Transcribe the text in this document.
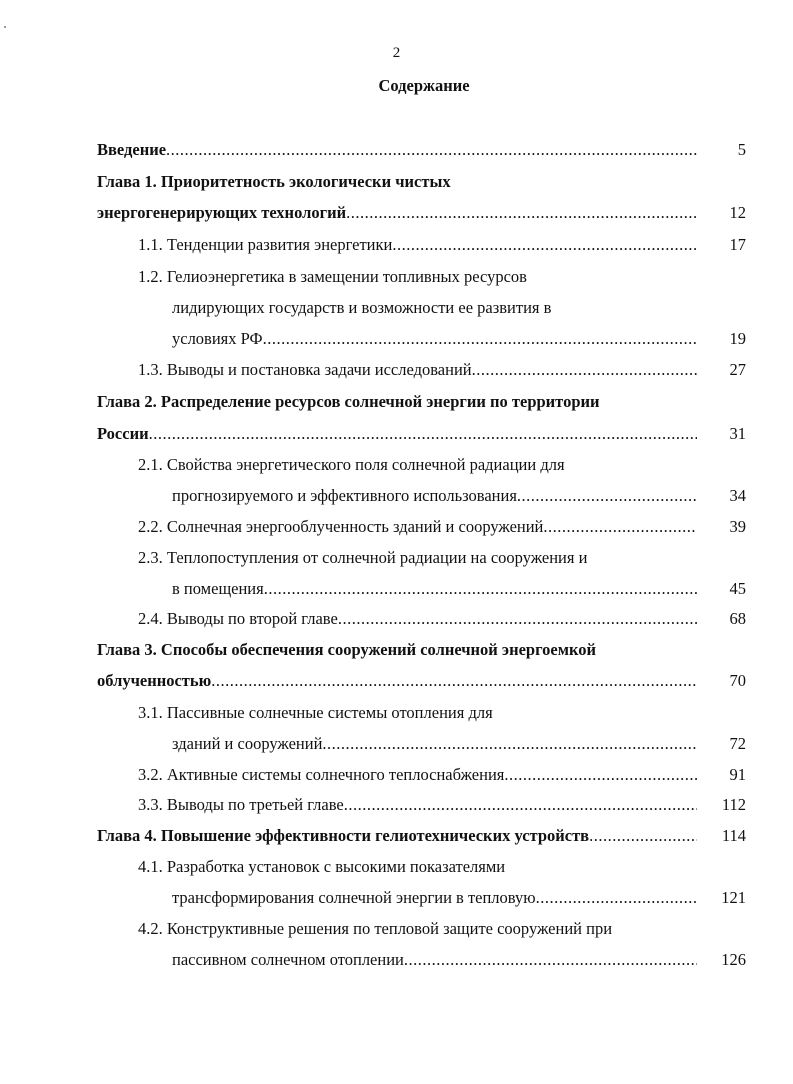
2
Содержание
Введение .....	5
Глава 1. Приоритетность экологически чистых
энергогенерирующих технологий .....	12
1.1. Тенденции развития энергетики .....	17
1.2. Гелиоэнергетика в замещении топливных ресурсов
лидирующих государств и возможности ее развития в
условиях РФ .....	19
1.3. Выводы и постановка задачи исследований .....	27
Глава 2. Распределение ресурсов солнечной энергии по территории
России .....	31
2.1. Свойства энергетического поля солнечной радиации для
прогнозируемого и эффективного использования .....	34
2.2. Солнечная энергооблученность зданий и сооружений .....	39
2.3. Теплопоступления от солнечной радиации на сооружения и
в помещения .....	45
2.4. Выводы по второй главе .....	68
Глава 3. Способы обеспечения сооружений солнечной энергоемкой
облученностью .....	70
3.1. Пассивные солнечные системы отопления для
зданий и сооружений .....	72
3.2. Активные системы солнечного теплоснабжения .....	91
3.3. Выводы по третьей главе .....	112
Глава 4. Повышение эффективности гелиотехнических устройств .....	114
4.1. Разработка установок с высокими показателями
трансформирования солнечной энергии в тепловую .....	121
4.2. Конструктивные решения по тепловой защите сооружений при
пассивном солнечном отоплении .....	126
